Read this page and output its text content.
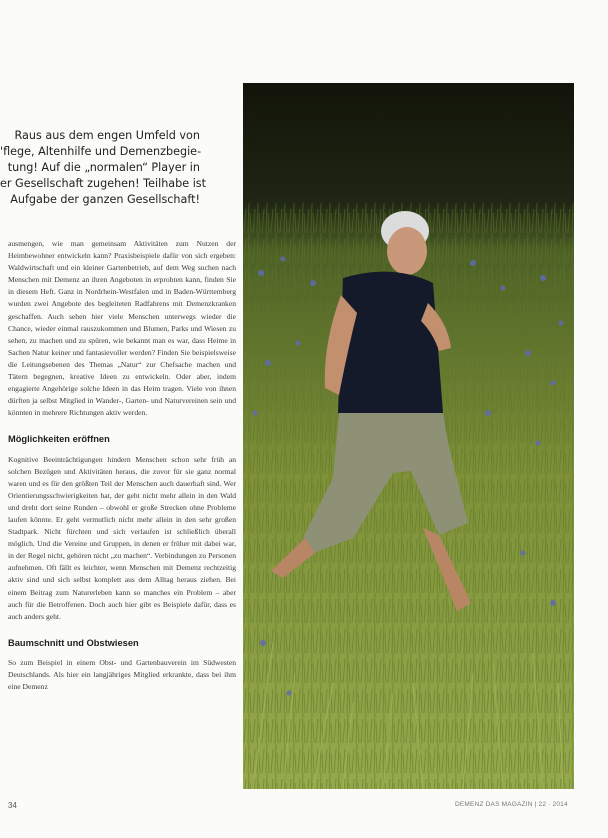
Raus aus dem engen Umfeld von
'flege, Altenhilfe und Demenzbegie-
tung! Auf die „normalen“ Player in
er Gesellschaft zugehen! Teilhabe ist
Aufgabe der ganzen Gesellschaft!

ausmengen, wie man gemeinsam Aktivitäten zum Nutzen der Heimbewohner entwickeln kann? Praxisbeispiele dafür von sich ergeben: Waldwirtschaft und ein kleiner Gartenbetrieb, auf dem Weg suchen nach Menschen mit Demenz an ihren Angeboten in erprobten kann, finden Sie in diesem Heft. Ganz in Nordrhein-Westfalen und in Baden-Württemberg wurden zwei Angebote des begleiteten Radfahrens mit Demenzkranken geschaffen. Auch sehen hier viele Menschen unterwegs wieder die Chance, wieder einmal rauszukommen und Blumen, Parks und Wiesen zu sehen, zu machen und zu spüren, wie bekannt man es war, dass Heime in Sachen Natur keiner und fantasievoller werden? Finden Sie beispielsweise die Leitungsebenen des Themas „Natur“ zur Chefsache machen und Tätern begegnen, kreative Ideen zu entwickeln. Oder aber, indem engagierte Angehörige solche Ideen in das Heim tragen. Viele von ihnen dürften ja selbst Mitglied in Wander-, Garten- und Naturvereinen sein und könnten in mehrere Richtungen aktiv werden.

Möglichkeiten eröffnen

Kognitive Beeinträchtigungen hindern Menschen schon sehr früh an solchen Bezügen und Aktivitäten heraus, die zuvor für sie ganz normal waren und es für den größten Teil der Menschen auch dauerhaft sind. Wer Orientierungsschwierigkeiten hat, der geht nicht mehr allein in den Wald und dreht dort seine Runden – obwohl er große Strecken ohne Probleme laufen könnte. Er geht vermutlich nicht mehr allein in den sehr großen Stadtpark. Nicht fürchten und sich verlaufen ist schließlich überall möglich. Und die Vereine und Gruppen, in denen er früher mit dabei war, in der Regel nicht, gehören nicht „zu machen“. Verbindungen zu Personen aufnehmen. Oft fällt es leichter, wenn Menschen mit Demenz rechtzeitig aktiv sind und sich selbst komplett aus dem Alltag heraus ziehen. Bei einem Beitrag zum Naturerleben kann so manches ein Problem – aber auch für die Betroffenen. Doch auch hier gibt es Beispiele dafür, dass es auch anders geht.

Baumschnitt und Obstwiesen

So zum Beispiel in einem Obst- und Gartenbauverein im Südwesten Deutschlands. Als hier ein langjähriges Mitglied erkrankte, dass bei ihm eine Demenz

34	DEMENZ DAS MAGAZIN | 22 · 2014
